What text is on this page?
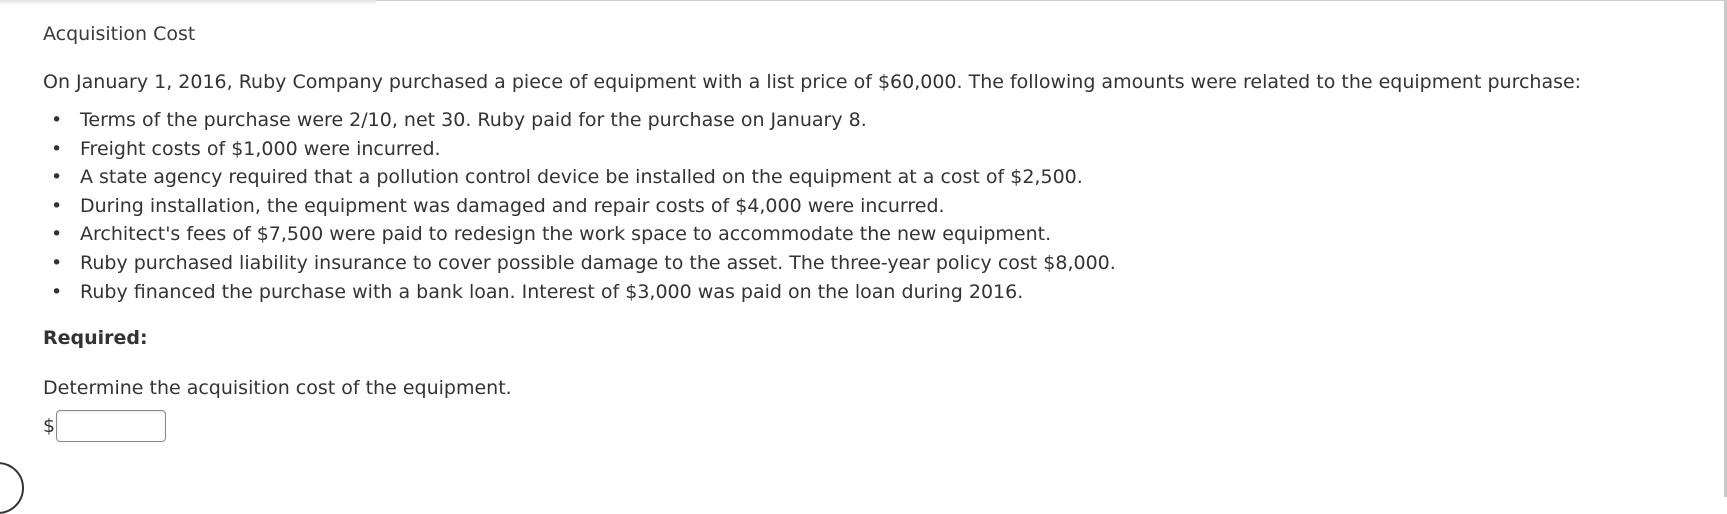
Acquisition Cost
On January 1, 2016, Ruby Company purchased a piece of equipment with a list price of $60,000. The following amounts were related to the equipment purchase:
• Terms of the purchase were 2/10, net 30. Ruby paid for the purchase on January 8.
• Freight costs of $1,000 were incurred.
• A state agency required that a pollution control device be installed on the equipment at a cost of $2,500.
• During installation, the equipment was damaged and repair costs of $4,000 were incurred.
• Architect's fees of $7,500 were paid to redesign the work space to accommodate the new equipment.
• Ruby purchased liability insurance to cover possible damage to the asset. The three-year policy cost $8,000.
• Ruby financed the purchase with a bank loan. Interest of $3,000 was paid on the loan during 2016.
Required:
Determine the acquisition cost of the equipment.
$
